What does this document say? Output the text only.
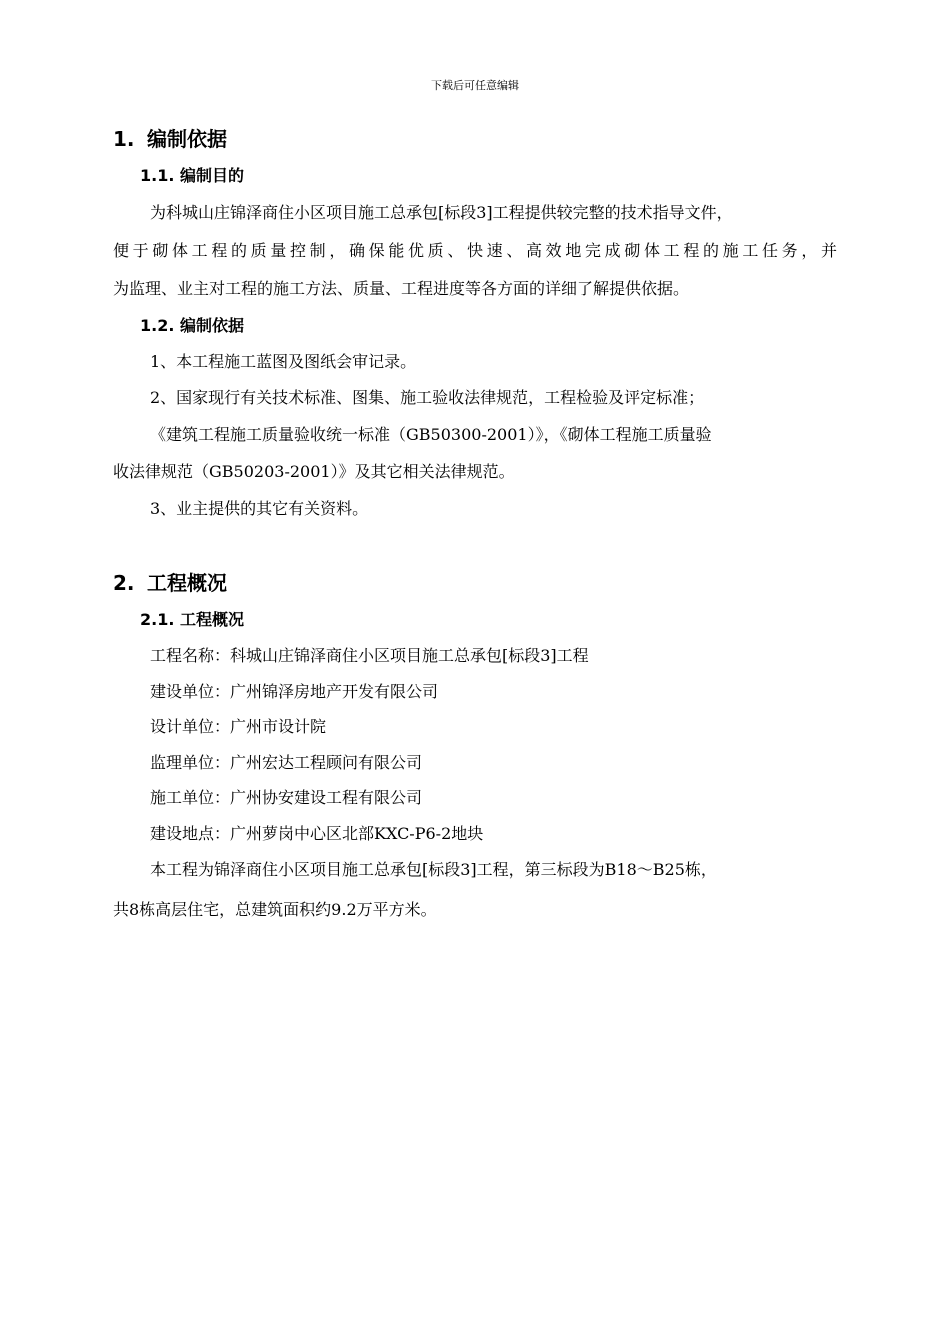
下载后可任意编辑
1. 编制依据
1.1. 编制目的
为科城山庄锦泽商住小区项目施工总承包[标段3]工程提供较完整的技术指导文件，
便于砌体工程的质量控制，确保能优质、快速、高效地完成砌体工程的施工任务，并
为监理、业主对工程的施工方法、质量、工程进度等各方面的详细了解提供依据。
1.2. 编制依据
1、本工程施工蓝图及图纸会审记录。
2、国家现行有关技术标准、图集、施工验收法律规范，工程检验及评定标准；
《建筑工程施工质量验收统一标准（GB50300-2001）》，《砌体工程施工质量验
收法律规范（GB50203-2001）》及其它相关法律规范。
3、业主提供的其它有关资料。
2. 工程概况
2.1. 工程概况
工程名称：科城山庄锦泽商住小区项目施工总承包[标段3]工程
建设单位：广州锦泽房地产开发有限公司
设计单位：广州市设计院
监理单位：广州宏达工程顾问有限公司
施工单位：广州协安建设工程有限公司
建设地点：广州萝岗中心区北部KXC-P6-2地块
本工程为锦泽商住小区项目施工总承包[标段3]工程，第三标段为B18～B25栋，
共8栋高层住宅，总建筑面积约9.2万平方米。
